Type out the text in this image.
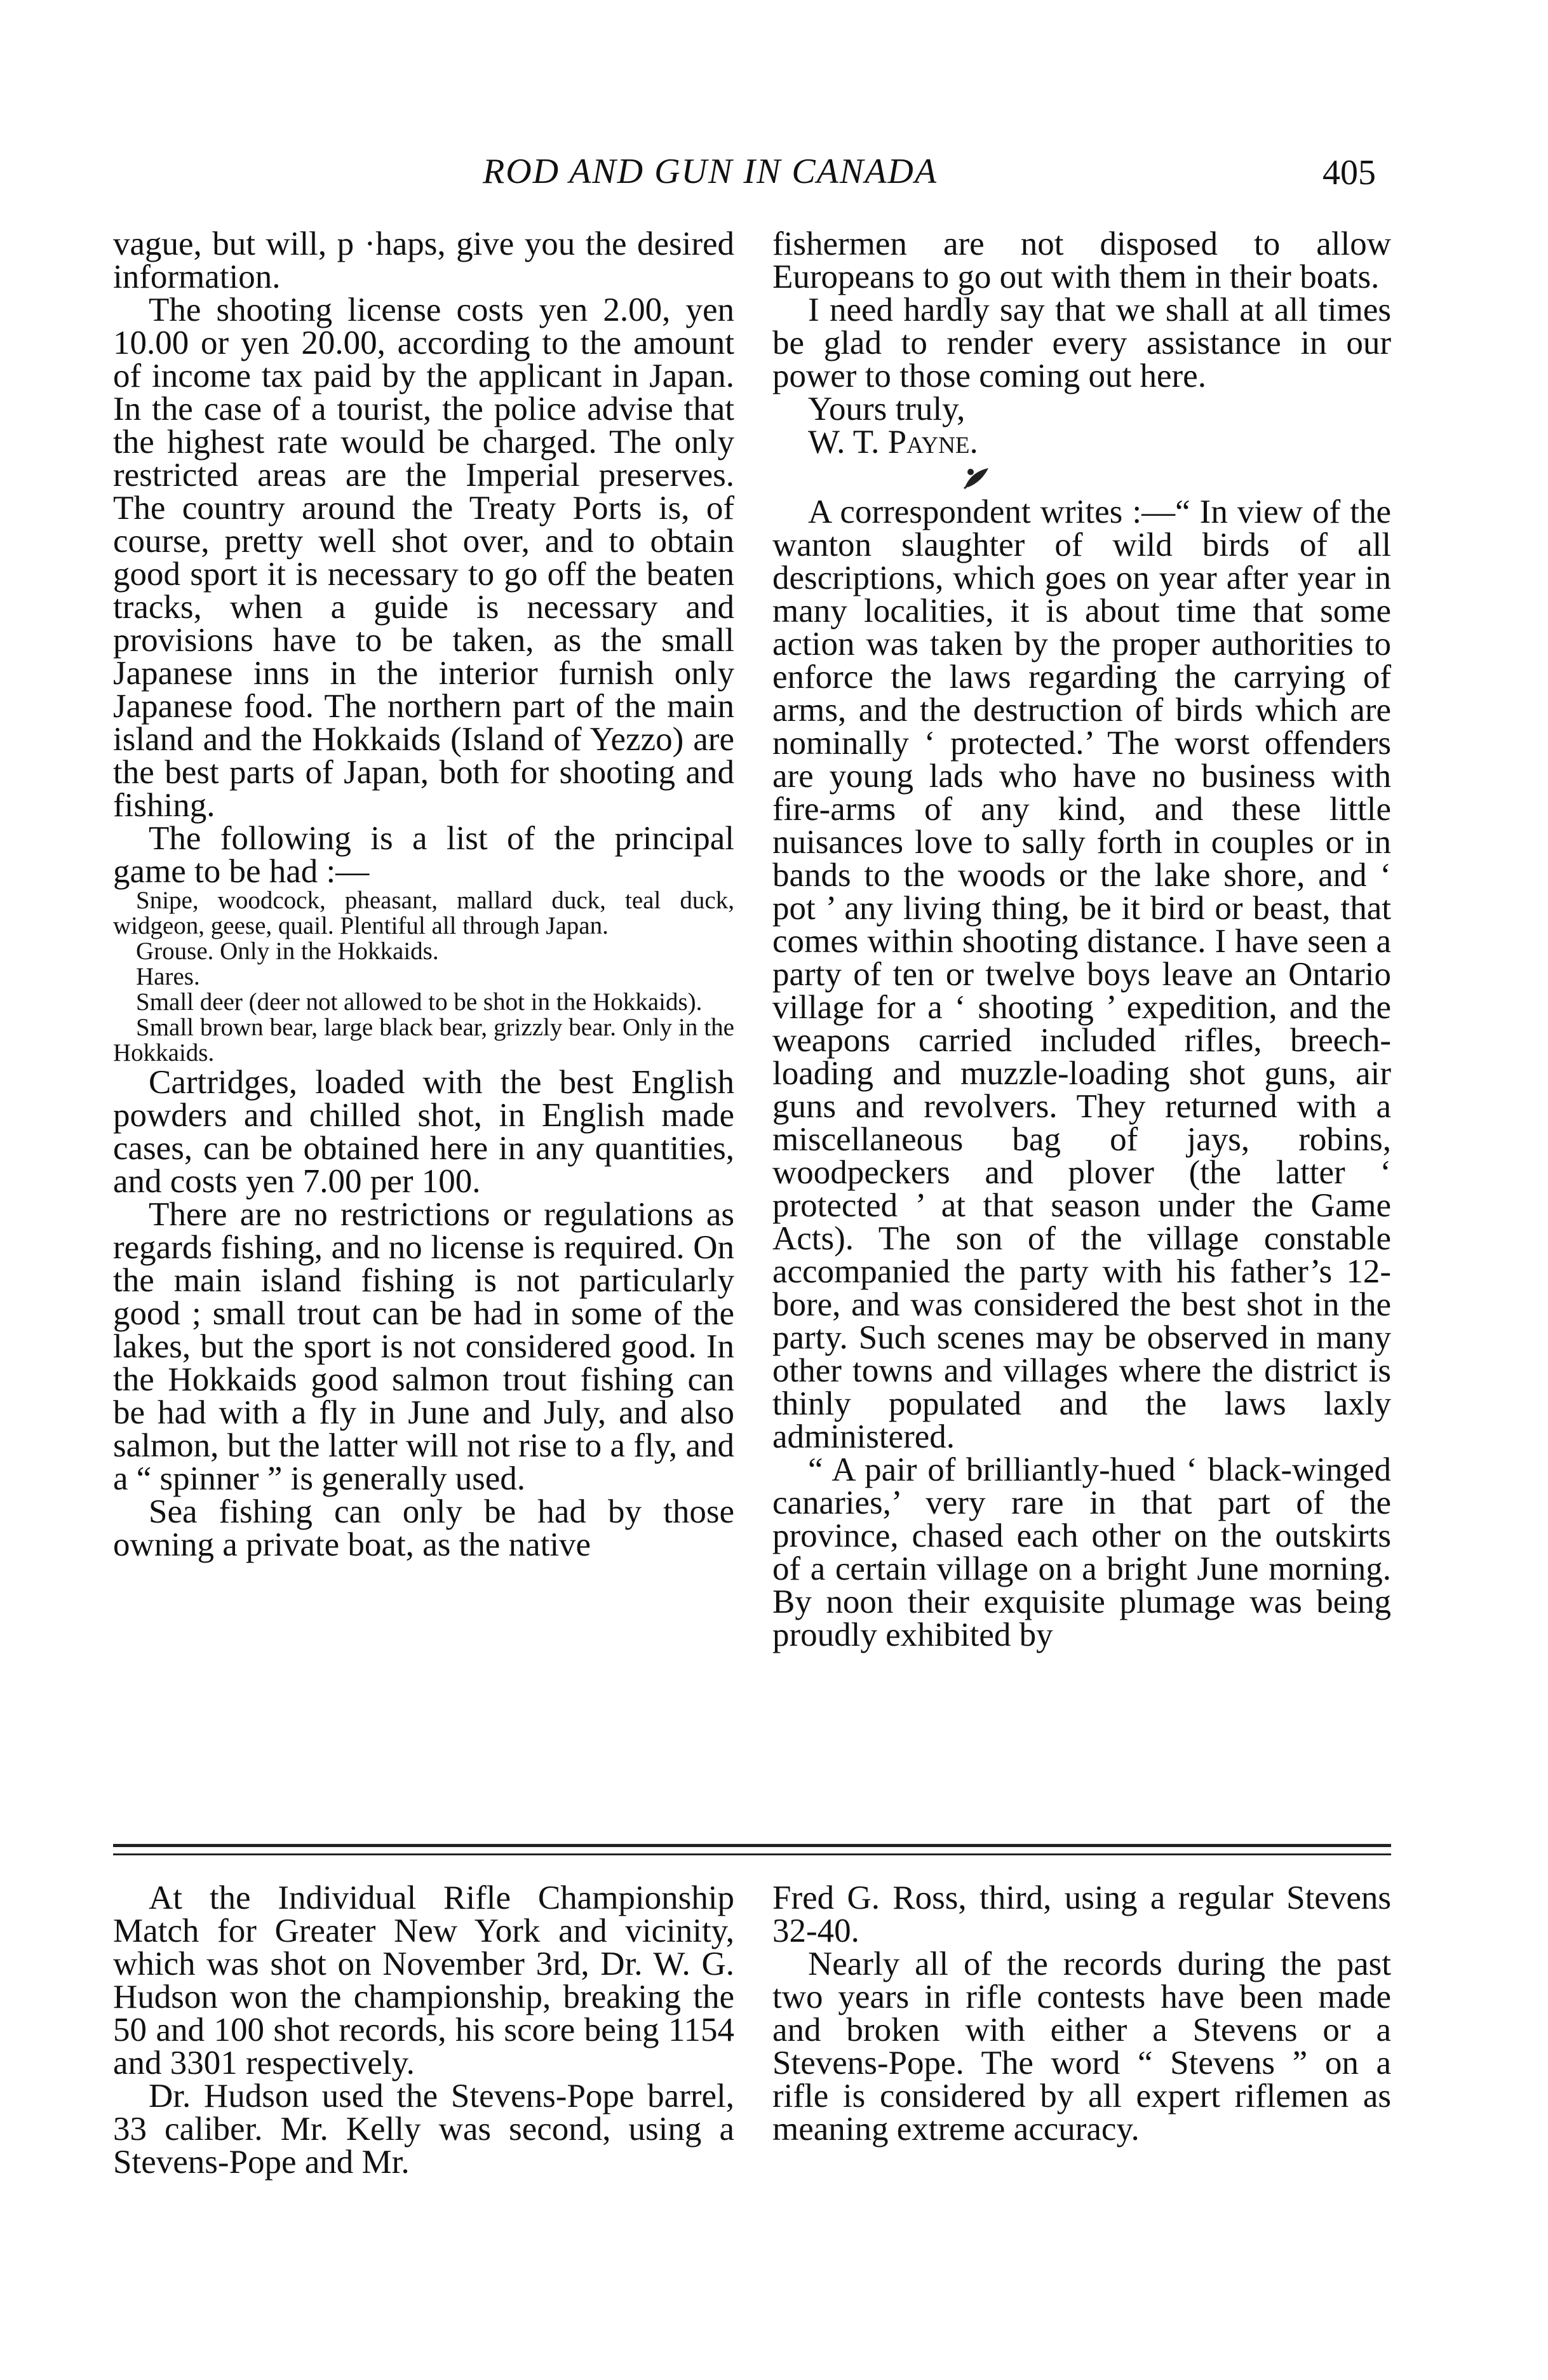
ROD AND GUN IN CANADA	405

vague, but will, p ·haps, give you the desired information.

The shooting license costs yen 2.00, yen 10.00 or yen 20.00, according to the amount of income tax paid by the applicant in Japan. In the case of a tourist, the police advise that the highest rate would be charged. The only restricted areas are the Imperial preserves. The country around the Treaty Ports is, of course, pretty well shot over, and to obtain good sport it is necessary to go off the beaten tracks, when a guide is necessary and provisions have to be taken, as the small Japanese inns in the interior furnish only Japanese food. The northern part of the main island and the Hokkaids (Island of Yezzo) are the best parts of Japan, both for shooting and fishing.

The following is a list of the principal game to be had :—

Snipe, woodcock, pheasant, mallard duck, teal duck, widgeon, geese, quail. Plentiful all through Japan.

Grouse. Only in the Hokkaids.

Hares.

Small deer (deer not allowed to be shot in the Hokkaids).

Small brown bear, large black bear, grizzly bear. Only in the Hokkaids.

Cartridges, loaded with the best English powders and chilled shot, in English made cases, can be obtained here in any quantities, and costs yen 7.00 per 100.

There are no restrictions or regulations as regards fishing, and no license is required. On the main island fishing is not particularly good ; small trout can be had in some of the lakes, but the sport is not considered good. In the Hokkaids good salmon trout fishing can be had with a fly in June and July, and also salmon, but the latter will not rise to a fly, and a “ spinner ” is generally used.

Sea fishing can only be had by those owning a private boat, as the native

fishermen are not disposed to allow Europeans to go out with them in their boats.

I need hardly say that we shall at all times be glad to render every assistance in our power to those coming out here.

Yours truly,

W. T. Payne.

A correspondent writes :—“ In view of the wanton slaughter of wild birds of all descriptions, which goes on year after year in many localities, it is about time that some action was taken by the proper authorities to enforce the laws regarding the carrying of arms, and the destruction of birds which are nominally ‘ protected.’ The worst offenders are young lads who have no business with fire-arms of any kind, and these little nuisances love to sally forth in couples or in bands to the woods or the lake shore, and ‘ pot ’ any living thing, be it bird or beast, that comes within shooting distance. I have seen a party of ten or twelve boys leave an Ontario village for a ‘ shooting ’ expedition, and the weapons carried included rifles, breech-loading and muzzle-loading shot guns, air guns and revolvers. They returned with a miscellaneous bag of jays, robins, woodpeckers and plover (the latter ‘ protected ’ at that season under the Game Acts). The son of the village constable accompanied the party with his father’s 12-bore, and was considered the best shot in the party. Such scenes may be observed in many other towns and villages where the district is thinly populated and the laws laxly administered.

“ A pair of brilliantly-hued ‘ black-winged canaries,’ very rare in that part of the province, chased each other on the outskirts of a certain village on a bright June morning. By noon their exquisite plumage was being proudly exhibited by

At the Individual Rifle Championship Match for Greater New York and vicinity, which was shot on November 3rd, Dr. W. G. Hudson won the championship, breaking the 50 and 100 shot records, his score being 1154 and 3301 respectively.

Dr. Hudson used the Stevens-Pope barrel, 33 caliber. Mr. Kelly was second, using a Stevens-Pope and Mr.

Fred G. Ross, third, using a regular Stevens 32-40.

Nearly all of the records during the past two years in rifle contests have been made and broken with either a Stevens or a Stevens-Pope. The word “ Stevens ” on a rifle is considered by all expert riflemen as meaning extreme accuracy.
